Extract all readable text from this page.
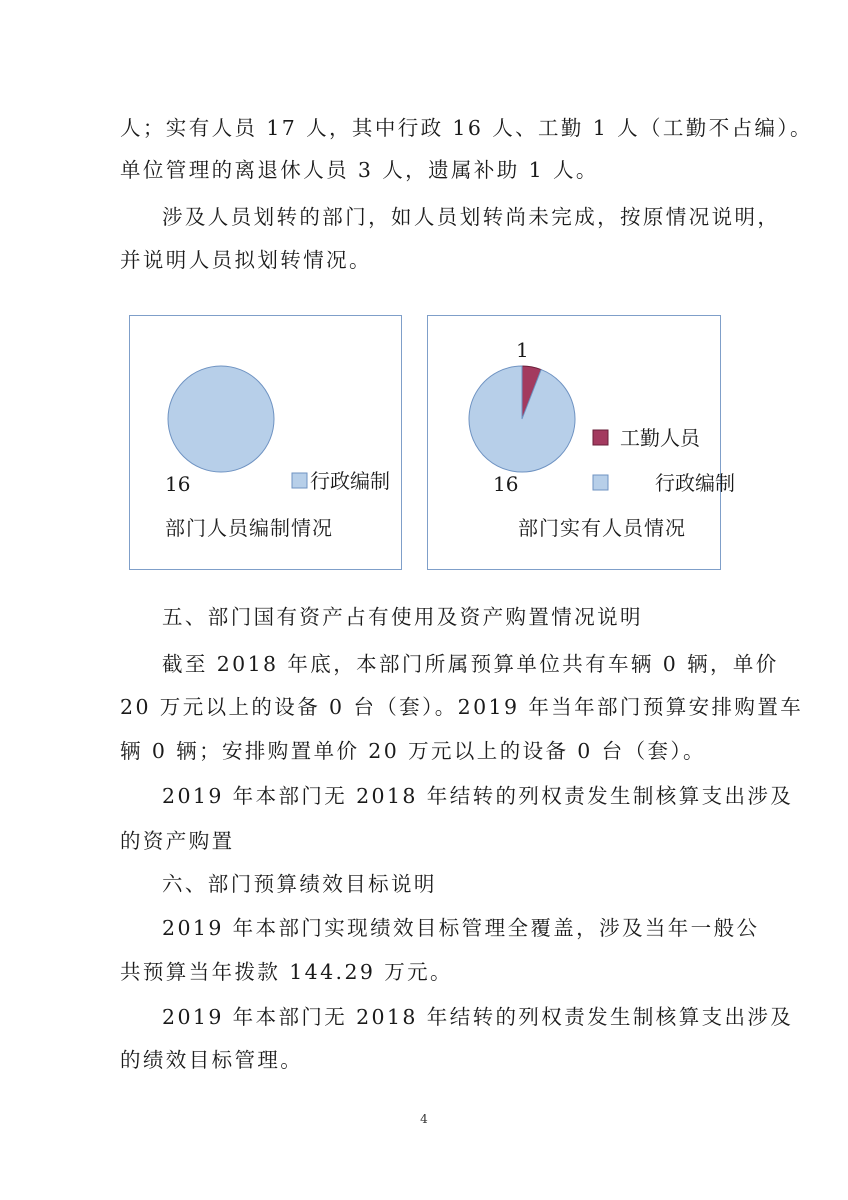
人；实有人员 17 人，其中行政 16 人、工勤 1 人（工勤不占编）。
单位管理的离退休人员 3 人，遗属补助 1 人。
涉及人员划转的部门，如人员划转尚未完成，按原情况说明，
并说明人员拟划转情况。
16	行政编制
部门人员编制情况
1
16
工勤人员
行政编制
部门实有人员情况
五、部门国有资产占有使用及资产购置情况说明
截至 2018 年底，本部门所属预算单位共有车辆 0 辆，单价
20 万元以上的设备 0 台（套）。2019 年当年部门预算安排购置车
辆 0 辆；安排购置单价 20 万元以上的设备 0 台（套）。
2019 年本部门无 2018 年结转的列权责发生制核算支出涉及
的资产购置
六、部门预算绩效目标说明
2019 年本部门实现绩效目标管理全覆盖，涉及当年一般公
共预算当年拨款 144.29 万元。
2019 年本部门无 2018 年结转的列权责发生制核算支出涉及
的绩效目标管理。
4
